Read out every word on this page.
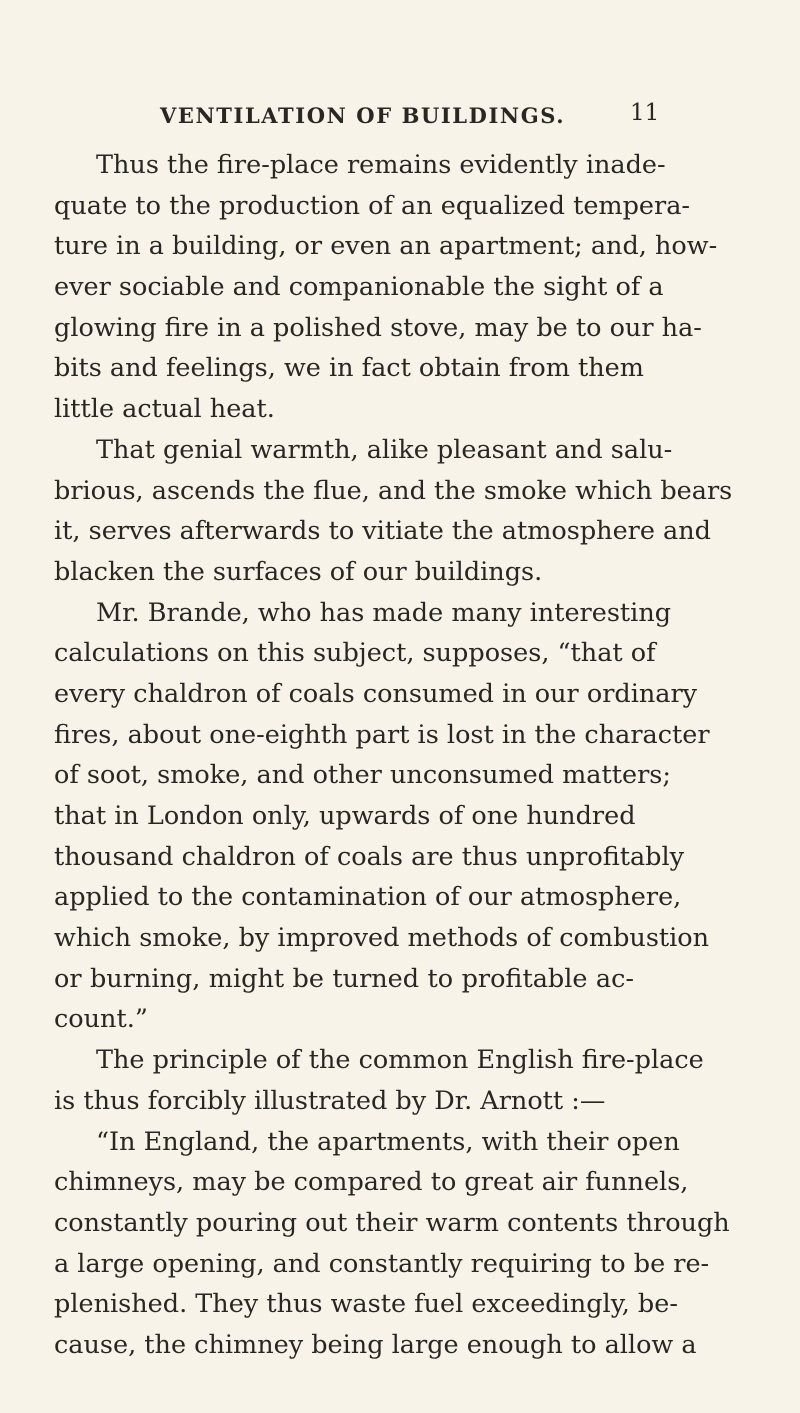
VENTILATION OF BUILDINGS.	11
Thus the fire-place remains evidently inade-
quate to the production of an equalized tempera-
ture in a building, or even an apartment; and, how-
ever sociable and companionable the sight of a
glowing fire in a polished stove, may be to our ha-
bits and feelings, we in fact obtain from them
little actual heat.
That genial warmth, alike pleasant and salu-
brious, ascends the flue, and the smoke which bears
it, serves afterwards to vitiate the atmosphere and
blacken the surfaces of our buildings.
Mr. Brande, who has made many interesting
calculations on this subject, supposes, “that of
every chaldron of coals consumed in our ordinary
fires, about one-eighth part is lost in the character
of soot, smoke, and other unconsumed matters;
that in London only, upwards of one hundred
thousand chaldron of coals are thus unprofitably
applied to the contamination of our atmosphere,
which smoke, by improved methods of combustion
or burning, might be turned to profitable ac-
count.”
The principle of the common English fire-place
is thus forcibly illustrated by Dr. Arnott :—
“In England, the apartments, with their open
chimneys, may be compared to great air funnels,
constantly pouring out their warm contents through
a large opening, and constantly requiring to be re-
plenished. They thus waste fuel exceedingly, be-
cause, the chimney being large enough to allow a
